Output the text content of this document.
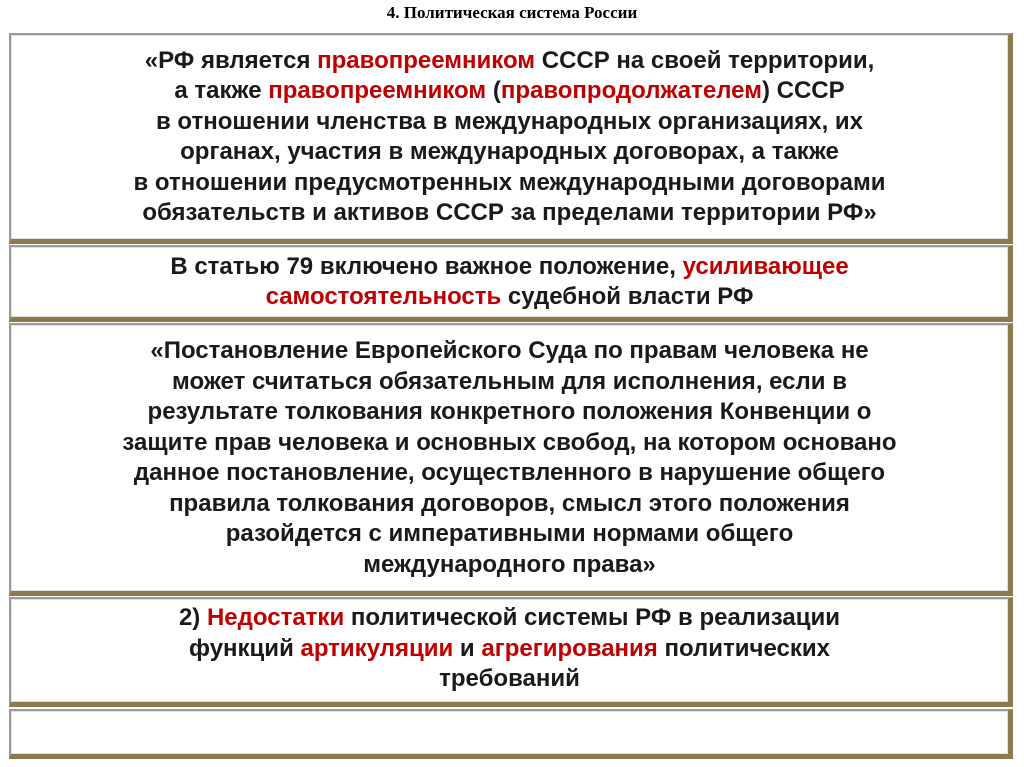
4. Политическая система России
«РФ является правопреемником СССР на своей территории,
а также правопреемником (правопродолжателем) СССР
в отношении членства в международных организациях, их
органах, участия в международных договорах, а также
в отношении предусмотренных международными договорами
обязательств и активов СССР за пределами территории РФ»
В статью 79 включено важное положение, усиливающее
самостоятельность судебной власти РФ
«Постановление Европейского Суда по правам человека не
может считаться обязательным для исполнения, если в
результате толкования конкретного положения Конвенции о
защите прав человека и основных свобод, на котором основано
данное постановление, осуществленного в нарушение общего
правила толкования договоров, смысл этого положения
разойдется с императивными нормами общего
международного права»
2) Недостатки политической системы РФ в реализации
функций артикуляции и агрегирования политических
требований
